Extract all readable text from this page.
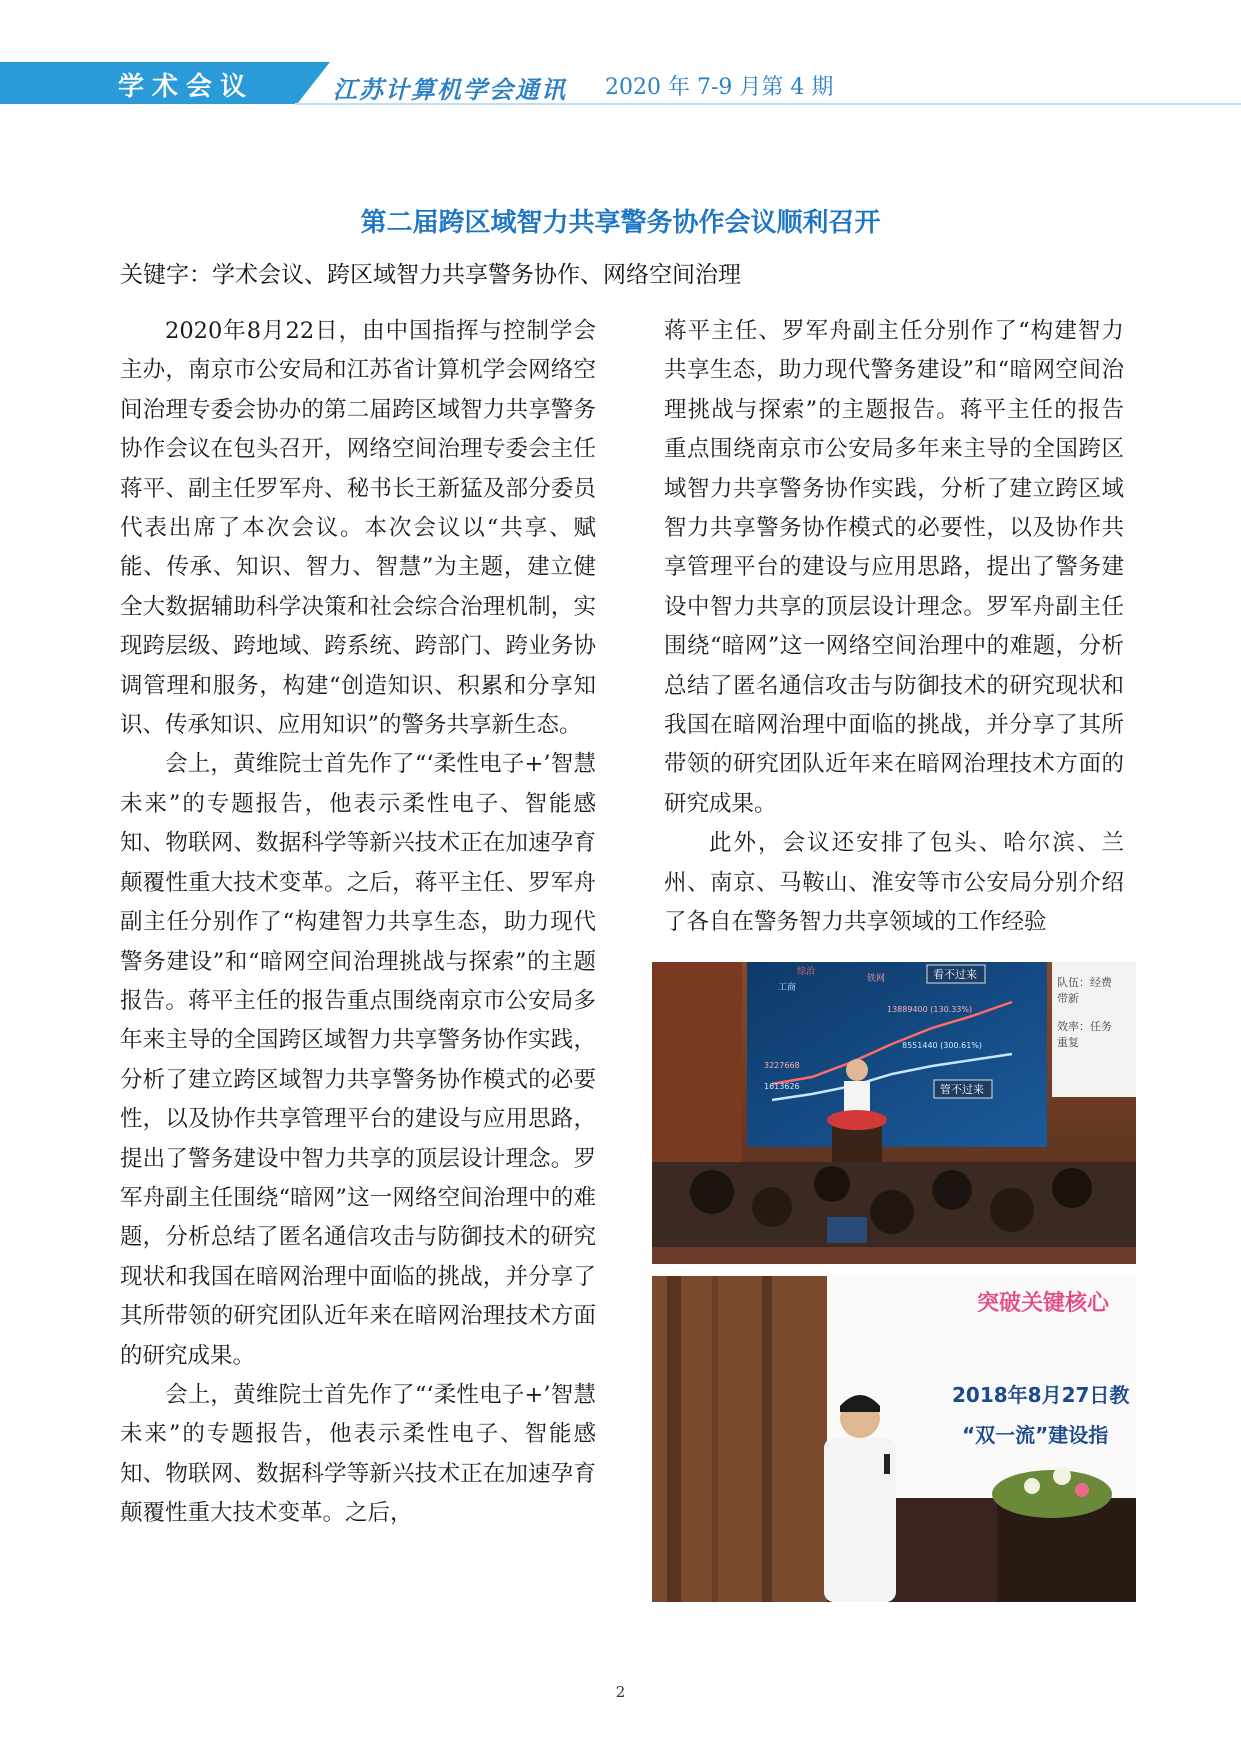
学术会议	江苏计算机学会通讯 2020 年 7-9 月第 4 期
第二届跨区域智力共享警务协作会议顺利召开
关键字：学术会议、跨区域智力共享警务协作、网络空间治理

2020年8月22日，由中国指挥与控制学会主办，南京市公安局和江苏省计算机学会网络空间治理专委会协办的第二届跨区域智力共享警务协作会议在包头召开，网络空间治理专委会主任蒋平、副主任罗军舟、秘书长王新猛及部分委员代表出席了本次会议。本次会议以“共享、赋能、传承、知识、智力、智慧”为主题，建立健全大数据辅助科学决策和社会综合治理机制，实现跨层级、跨地域、跨系统、跨部门、跨业务协调管理和服务，构建“创造知识、积累和分享知识、传承知识、应用知识”的警务共享新生态。

会上，黄维院士首先作了“‘柔性电子+’智慧未来”的专题报告，他表示柔性电子、智能感知、物联网、数据科学等新兴技术正在加速孕育颠覆性重大技术变革。之后，蒋平主任、罗军舟副主任分别作了“构建智力共享生态，助力现代警务建设”和“暗网空间治理挑战与探索”的主题报告。蒋平主任的报告重点围绕南京市公安局多年来主导的全国跨区域智力共享警务协作实践，分析了建立跨区域智力共享警务协作模式的必要性，以及协作共享管理平台的建设与应用思路，提出了警务建设中智力共享的顶层设计理念。罗军舟副主任围绕“暗网”这一网络空间治理中的难题，分析总结了匿名通信攻击与防御技术的研究现状和我国在暗网治理中面临的挑战，并分享了其所带领的研究团队近年来在暗网治理技术方面的研究成果。

会上，黄维院士首先作了“‘柔性电子+’智慧未来”的专题报告，他表示柔性电子、智能感知、物联网、数据科学等新兴技术正在加速孕育颠覆性重大技术变革。之后，

蒋平主任、罗军舟副主任分别作了“构建智力共享生态，助力现代警务建设”和“暗网空间治理挑战与探索”的主题报告。蒋平主任的报告重点围绕南京市公安局多年来主导的全国跨区域智力共享警务协作实践，分析了建立跨区域智力共享警务协作模式的必要性，以及协作共享管理平台的建设与应用思路，提出了警务建设中智力共享的顶层设计理念。罗军舟副主任围绕“暗网”这一网络空间治理中的难题，分析总结了匿名通信攻击与防御技术的研究现状和我国在暗网治理中面临的挑战，并分享了其所带领的研究团队近年来在暗网治理技术方面的研究成果。

此外，会议还安排了包头、哈尔滨、兰州、南京、马鞍山、淮安等市公安局分别介绍了各自在警务智力共享领域的工作经验

综治
工商
铁网	看不过来
管不过来
13889400 (130.33%)
8551440 (300.61%)
3227668
1613626
队伍：经费
带新
效率：任务
重复
突破关键核心
2018年8月27日教
“双一流”建设指
2
